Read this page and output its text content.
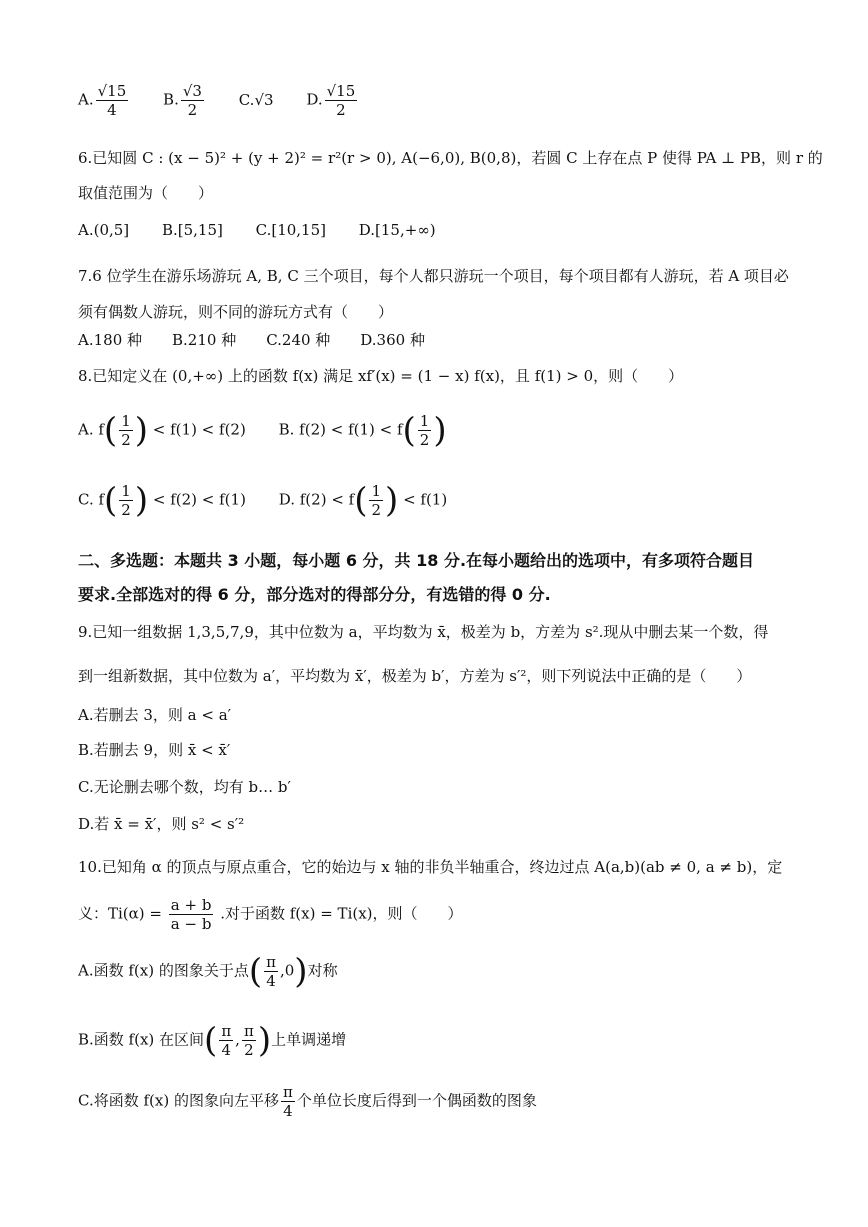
A. $\frac{√15}{4} B$. $\frac{√3}{2} C.√3$ D. $\frac{√15}{2}$
6.已知圆 C : (x − 5)² + (y + 2)² = r²(r > 0), A(−6,0), B(0,8)，若圆 C 上存在点 P 使得 PA ⊥ PB，则 r 的
取值范围为（　　）
A.(0,5] B.[5,15] C.[10,15] D.[15,+∞)
7.6 位学生在游乐场游玩 A, B, C 三个项目，每个人都只游玩一个项目，每个项目都有人游玩，若 A 项目必
须有偶数人游玩，则不同的游玩方式有（　　）
A.180 种　　B.210 种　　C.240 种　　D.360 种
8.已知定义在 (0,+∞) 上的函数 f(x) 满足 xf′(x) = (1 − x) f(x)，且 f(1) > 0，则（　　）
A. $f( \frac{1}{2}$ ) < f(1) < f(2) B. $f(2) < f(1) < f( \frac{1}{2}$ )
C. $f( \frac{1}{2}$ ) < f(2) < f(1) D. $f(2) < f( \frac{1}{2}$ ) < f(1)
二、多选题：本题共 3 小题，每小题 6 分，共 18 分.在每小题给出的选项中，有多项符合题目
要求.全部选对的得 6 分，部分选对的得部分分，有选错的得 0 分.
9.已知一组数据 1,3,5,7,9，其中位数为 a，平均数为 x̄，极差为 b，方差为 s².现从中删去某一个数，得
到一组新数据，其中位数为 a′，平均数为 x̄′，极差为 b′，方差为 s′²，则下列说法中正确的是（　　）
A.若删去 3，则 a < a′
B.若删去 9，则 x̄ < x̄′
C.无论删去哪个数，均有 b… b′
D.若 x̄ = x̄′，则 s² < s′²
10.已知角 α 的顶点与原点重合，它的始边与 x 轴的非负半轴重合，终边过点 A(a,b)(ab ≠ 0, a ≠ b)，定
义：$Ti(\alpha) = \frac{a + b}{a - b}$ .对于函数 f(x) = Ti(x)，则（　　）
A.函数 f(x) 的图象关于点( $\frac{\pi}{4} ,0$)对称
B.函数 f(x) 在区间( $\frac{\pi}{4}$ , $\frac{\pi}{2}$ )上单调递增
C.将函数 f(x) 的图象向左平移 $\frac{\pi}{4}$ 个单位长度后得到一个偶函数的图象
